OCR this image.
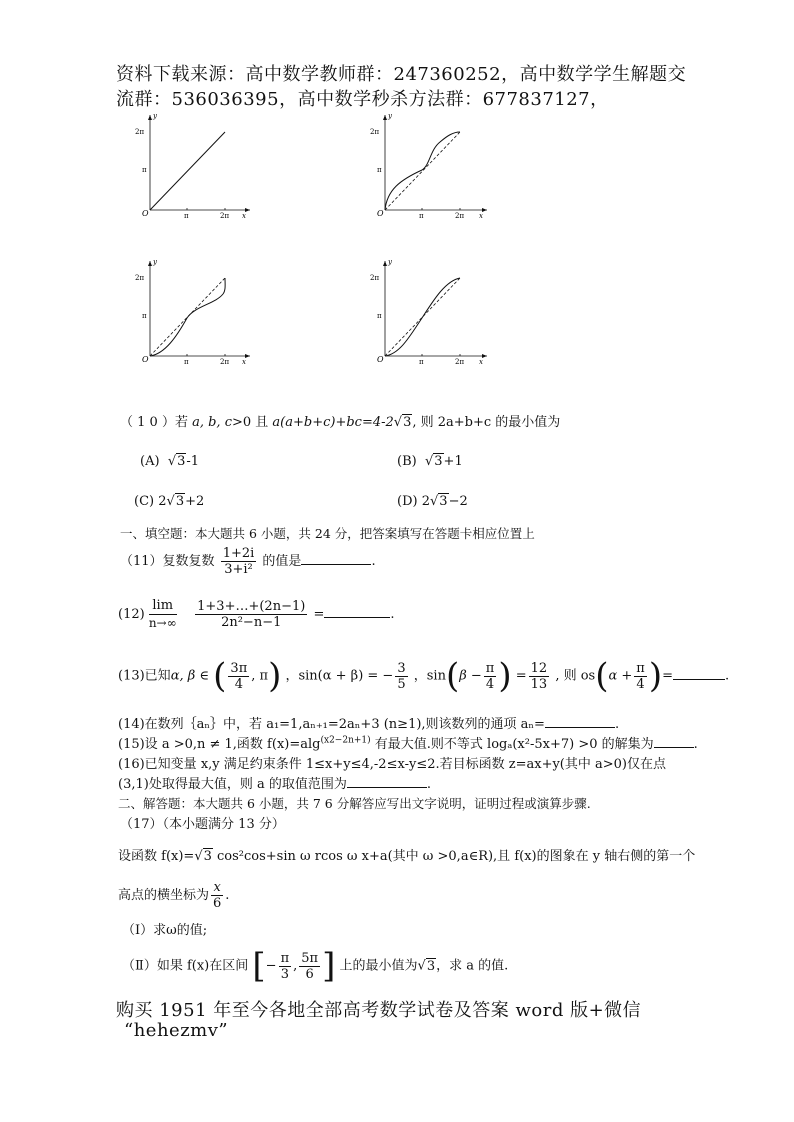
资料下载来源：高中数学教师群：247360252，高中数学学生解题交
流群：536036395，高中数学秒杀方法群：677837127，
y
2π
π
O	π	2π x
y
2π
π
O	π	2π x
y
2π
π
O	π	2π x
y
2π
π
O	π	2π x
（ 1 0 ）若 a, b, c>0 且 a(a+b+c)+bc=4-2√3, 则 2a+b+c 的最小值为
(A) √3-1	(B) √3+1
(C) 2√3+2	(D) 2√3−2
一、填空题：本大题共 6 小题，共 24 分，把答案填写在答题卡相应位置上
（11）复数复数 $\frac{1+2i}{\text{3+i²}}$ 的值是	.
$(12) \frac{\lim}{n\to\infty}$
$\frac{1+3+\dots+(2n-1)}{\text{2n²−n−1}}$ =	.
(13)已知α, β ∈ ( $\frac{3\pi}{4}$ , π) ，sin(α + β) = − $\frac{3}{5}$ ，$\sin(\beta - \frac{\pi}{4}$ ) = $\frac{12}{13}$ , 则 $os(\alpha + \frac{\pi}{4}$ )=	.
(14)在数列｛aₙ｝中，若 a₁=1,aₙ₊₁=2aₙ+3 (n≥1),则该数列的通项 aₙ=	.
(15)设 a >0,n ≠ 1,函数 f(x)=alg$^{(x2-2n+1)}$ 有最大值.则不等式 logₐ(x²-5x+7) >0 的解集为	.
(16)已知变量 x,y 满足约束条件 1≤x+y≤4,-2≤x-y≤2.若目标函数 z=ax+y(其中 a>0)仅在点
(3,1)处取得最大值，则 a 的取值范围为	.
二、解答题：本大题共 6 小题，共 7 6 分解答应写出文字说明，证明过程或演算步骤.
（17）（本小题满分 13 分）
设函数 f(x)=√3 cos²cos+sin ω rcos ω x+a(其中 ω >0,a∈R),且 f(x)的图象在 y 轴右侧的第一个
高点的横坐标为 $\frac{x}{6}$ .
（Ⅰ）求ω的值;
（Ⅱ）如果 f(x)在区间 [− $\frac{\pi}{3}$ , $\frac{5\pi}{6}$ ] 上的最小值为√3，求 a 的值.
购买 1951 年至今各地全部高考数学试卷及答案 word 版+微信
“hehezmv”
